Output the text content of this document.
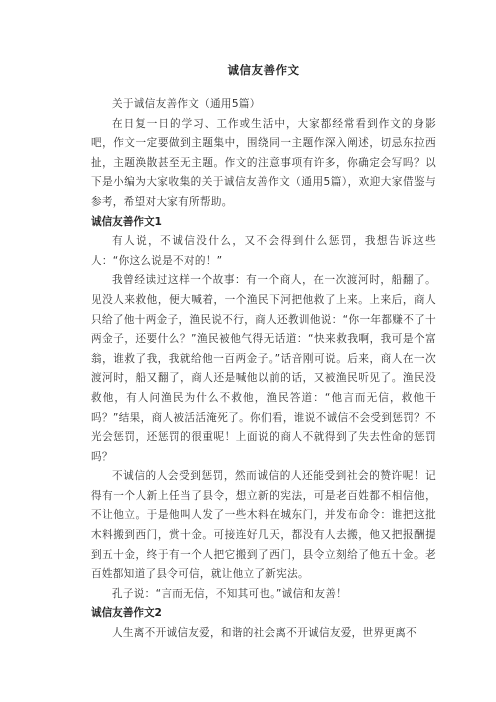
诚信友善作文

关于诚信友善作文（通用5篇）

在日复一日的学习、工作或生活中，大家都经常看到作文的身影吧，作文一定要做到主题集中，围绕同一主题作深入阐述，切忌东拉西扯，主题涣散甚至无主题。作文的注意事项有许多，你确定会写吗？以下是小编为大家收集的关于诚信友善作文（通用5篇），欢迎大家借鉴与参考，希望对大家有所帮助。

诚信友善作文1

有人说，不诚信没什么，又不会得到什么惩罚，我想告诉这些人：“你这么说是不对的！”

我曾经读过这样一个故事：有一个商人，在一次渡河时，船翻了。见没人来救他，便大喊着，一个渔民下河把他救了上来。上来后，商人只给了他十两金子，渔民说不行，商人还教训他说：“你一年都赚不了十两金子，还要什么？”渔民被他气得无话道：“快来救我啊，我可是个富翁，谁救了我，我就给他一百两金子。”话音刚可说。后来，商人在一次渡河时，船又翻了，商人还是喊他以前的话，又被渔民听见了。渔民没救他，有人问渔民为什么不救他，渔民答道：“他言而无信，救他干吗？”结果，商人被活活淹死了。你们看，谁说不诚信不会受到惩罚？不光会惩罚，还惩罚的很重呢！上面说的商人不就得到了失去性命的惩罚吗？

不诚信的人会受到惩罚，然而诚信的人还能受到社会的赞许呢！记得有一个人新上任当了县令，想立新的宪法，可是老百姓都不相信他，不让他立。于是他叫人发了一些木料在城东门，并发布命令：谁把这批木料搬到西门，赏十金。可接连好几天，都没有人去搬，他又把报酬提到五十金，终于有一个人把它搬到了西门，县令立刻给了他五十金。老百姓都知道了县令可信，就让他立了新宪法。

孔子说：“言而无信，不知其可也。”诚信和友善！

诚信友善作文2

人生离不开诚信友爱，和谐的社会离不开诚信友爱，世界更离不
